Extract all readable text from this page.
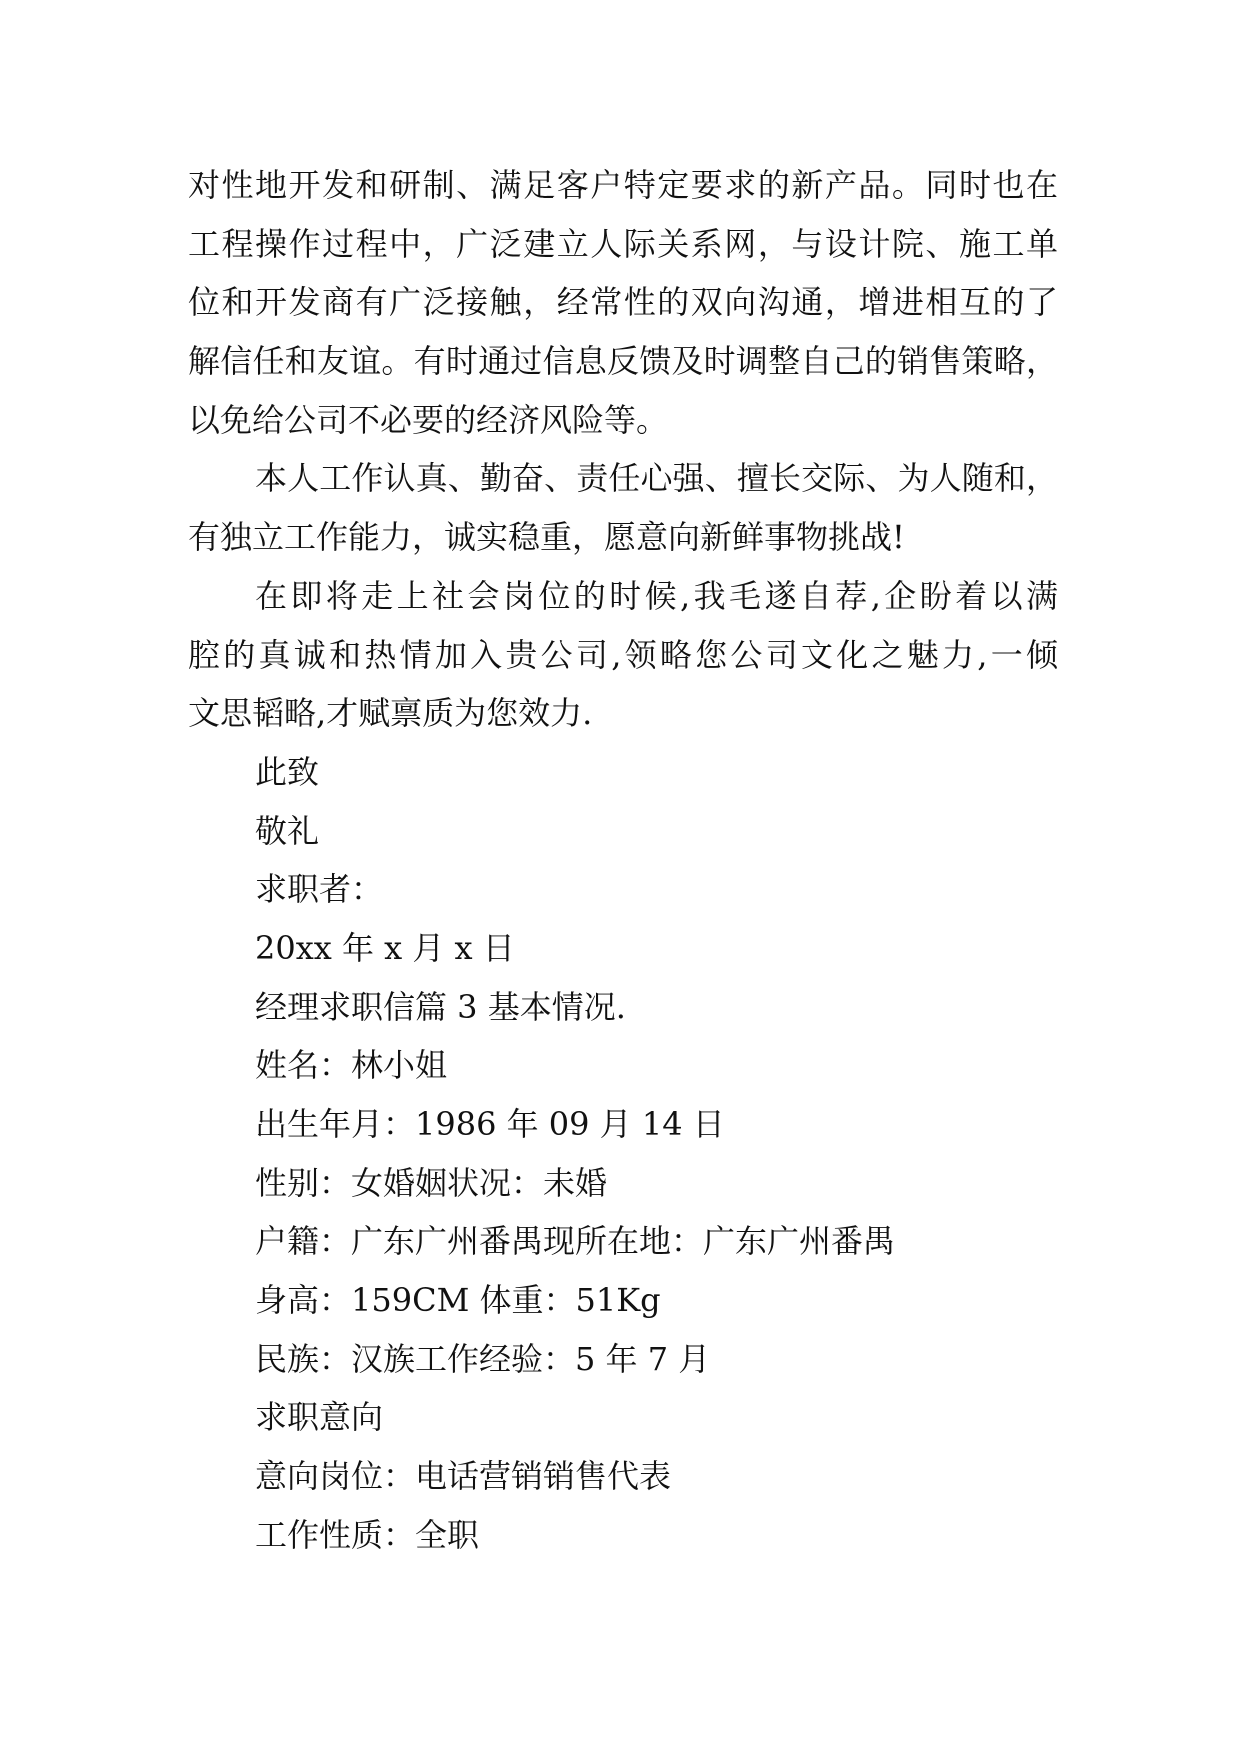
对性地开发和研制、满足客户特定要求的新产品。同时也在
工程操作过程中，广泛建立人际关系网，与设计院、施工单
位和开发商有广泛接触，经常性的双向沟通，增进相互的了
解信任和友谊。有时通过信息反馈及时调整自己的销售策略，
以免给公司不必要的经济风险等。
本人工作认真、勤奋、责任心强、擅长交际、为人随和，
有独立工作能力，诚实稳重，愿意向新鲜事物挑战!
在即将走上社会岗位的时候,我毛遂自荐,企盼着以满
腔的真诚和热情加入贵公司,领略您公司文化之魅力,一倾
文思韬略,才赋禀质为您效力.
此致
敬礼
求职者：
20xx 年 x 月 x 日
经理求职信篇 3 基本情况.
姓名：林小姐
出生年月：1986 年 09 月 14 日
性别：女婚姻状况：未婚
户籍：广东广州番禺现所在地：广东广州番禺
身高：159CM 体重：51Kg
民族：汉族工作经验：5 年 7 月
求职意向
意向岗位：电话营销销售代表
工作性质：全职
